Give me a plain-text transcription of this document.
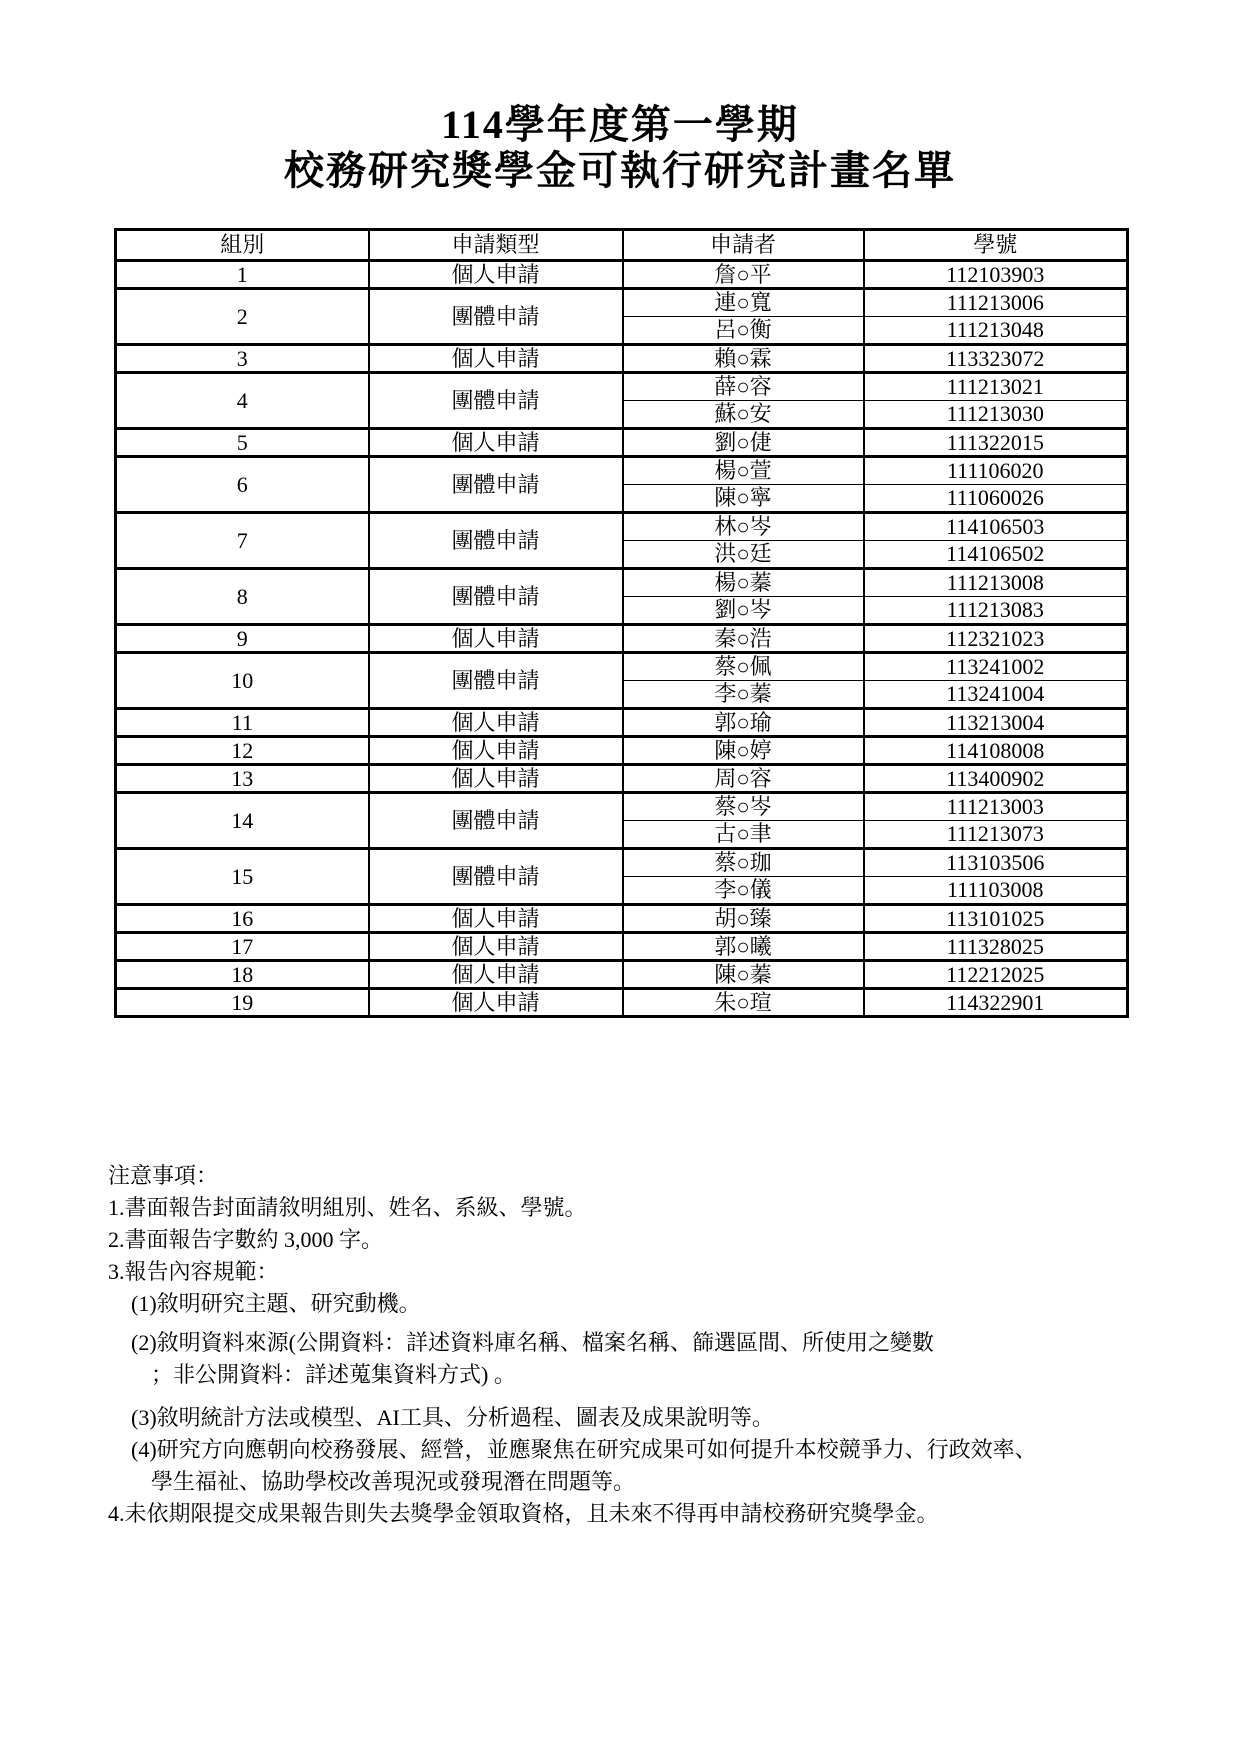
114學年度第一學期
校務研究獎學金可執行研究計畫名單
組別	申請類型	申請者	學號
1	個人申請	詹○平	112103903
2	團體申請	連○寬	111213006
		呂○衡	111213048
3	個人申請	賴○霖	113323072
4	團體申請	薛○容	111213021
		蘇○安	111213030
5	個人申請	劉○倢	111322015
6	團體申請	楊○萱	111106020
		陳○寧	111060026
7	團體申請	林○岑	114106503
		洪○廷	114106502
8	團體申請	楊○蓁	111213008
		劉○岑	111213083
9	個人申請	秦○浩	112321023
10	團體申請	蔡○佩	113241002
		李○蓁	113241004
11	個人申請	郭○瑜	113213004
12	個人申請	陳○婷	114108008
13	個人申請	周○容	113400902
14	團體申請	蔡○岑	111213003
		古○聿	111213073
15	團體申請	蔡○珈	113103506
		李○儀	111103008
16	個人申請	胡○臻	113101025
17	個人申請	郭○曦	111328025
18	個人申請	陳○蓁	112212025
19	個人申請	朱○瑄	114322901
注意事項：
1.書面報告封面請敘明組別、姓名、系級、學號。
2.書面報告字數約 3,000 字。
3.報告內容規範：
(1)敘明研究主題、研究動機。
(2)敘明資料來源(公開資料：詳述資料庫名稱、檔案名稱、篩選區間、所使用之變數
；非公開資料：詳述蒐集資料方式) 。
(3)敘明統計方法或模型、AI工具、分析過程、圖表及成果說明等。
(4)研究方向應朝向校務發展、經營，並應聚焦在研究成果可如何提升本校競爭力、行政效率、
學生福祉、協助學校改善現況或發現潛在問題等。
4.未依期限提交成果報告則失去獎學金領取資格，且未來不得再申請校務研究獎學金。
